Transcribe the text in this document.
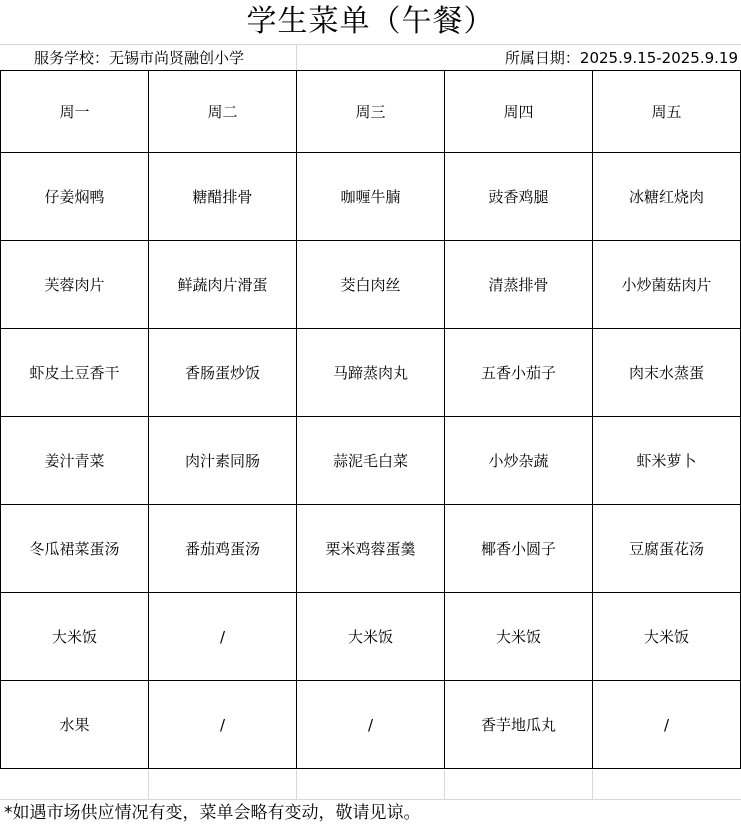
学生菜单（午餐）
服务学校：无锡市尚贤融创小学	所属日期：2025.9.15-2025.9.19
周一	周二	周三	周四	周五
仔姜焖鸭	糖醋排骨	咖喱牛腩	豉香鸡腿	冰糖红烧肉
芙蓉肉片	鲜蔬肉片滑蛋	茭白肉丝	清蒸排骨	小炒菌菇肉片
虾皮土豆香干	香肠蛋炒饭	马蹄蒸肉丸	五香小茄子	肉末水蒸蛋
姜汁青菜	肉汁素同肠	蒜泥毛白菜	小炒杂蔬	虾米萝卜
冬瓜裙菜蛋汤	番茄鸡蛋汤	栗米鸡蓉蛋羹	椰香小圆子	豆腐蛋花汤
大米饭	/	大米饭	大米饭	大米饭
水果	/	/	香芋地瓜丸	/
*如遇市场供应情况有变，菜单会略有变动，敬请见谅。
